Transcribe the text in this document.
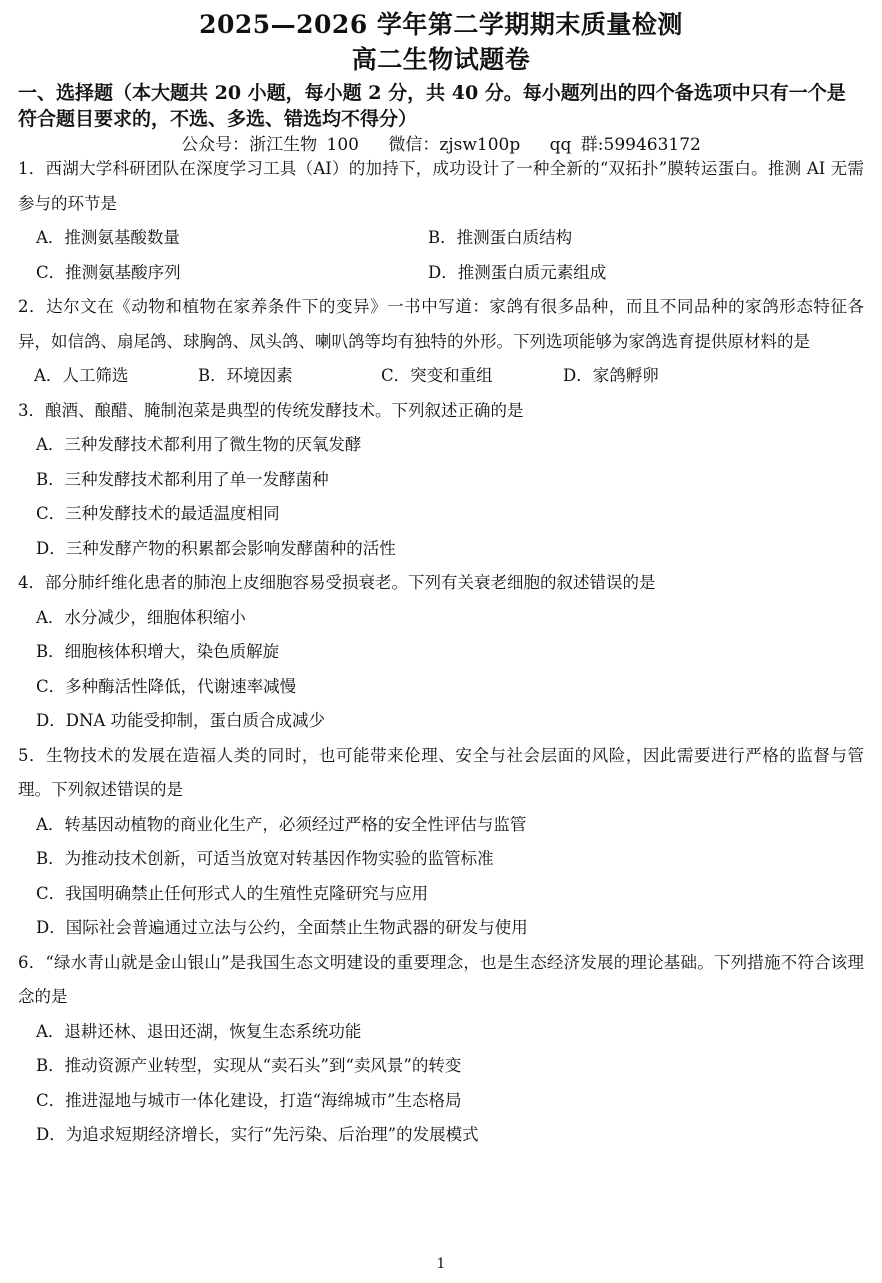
2025—2026 学年第二学期期末质量检测
高二生物试题卷
一、选择题（本大题共 20 小题，每小题 2 分，共 40 分。每小题列出的四个备选项中只有一个是符合题目要求的，不选、多选、错选均不得分）
公众号：浙江生物 100 微信：zjsw100p qq 群:599463172
1．西湖大学科研团队在深度学习工具（AI）的加持下，成功设计了一种全新的“双拓扑”膜转运蛋白。推测 AI 无需参与的环节是
A．推测氨基酸数量	B．推测蛋白质结构
C．推测氨基酸序列	D．推测蛋白质元素组成
2．达尔文在《动物和植物在家养条件下的变异》一书中写道：家鸽有很多品种，而且不同品种的家鸽形态特征各异，如信鸽、扇尾鸽、球胸鸽、凤头鸽、喇叭鸽等均有独特的外形。下列选项能够为家鸽选育提供原材料的是
A．人工筛选	B．环境因素	C．突变和重组	D．家鸽孵卵
3．酿酒、酿醋、腌制泡菜是典型的传统发酵技术。下列叙述正确的是
A．三种发酵技术都利用了微生物的厌氧发酵
B．三种发酵技术都利用了单一发酵菌种
C．三种发酵技术的最适温度相同
D．三种发酵产物的积累都会影响发酵菌种的活性
4．部分肺纤维化患者的肺泡上皮细胞容易受损衰老。下列有关衰老细胞的叙述错误的是
A．水分减少，细胞体积缩小
B．细胞核体积增大，染色质解旋
C．多种酶活性降低，代谢速率减慢
D．DNA 功能受抑制，蛋白质合成减少
5．生物技术的发展在造福人类的同时，也可能带来伦理、安全与社会层面的风险，因此需要进行严格的监督与管理。下列叙述错误的是
A．转基因动植物的商业化生产，必须经过严格的安全性评估与监管
B．为推动技术创新，可适当放宽对转基因作物实验的监管标准
C．我国明确禁止任何形式人的生殖性克隆研究与应用
D．国际社会普遍通过立法与公约，全面禁止生物武器的研发与使用
6．“绿水青山就是金山银山”是我国生态文明建设的重要理念，也是生态经济发展的理论基础。下列措施不符合该理念的是
A．退耕还林、退田还湖，恢复生态系统功能
B．推动资源产业转型，实现从“卖石头”到“卖风景”的转变
C．推进湿地与城市一体化建设，打造“海绵城市”生态格局
D．为追求短期经济增长，实行“先污染、后治理”的发展模式
1
